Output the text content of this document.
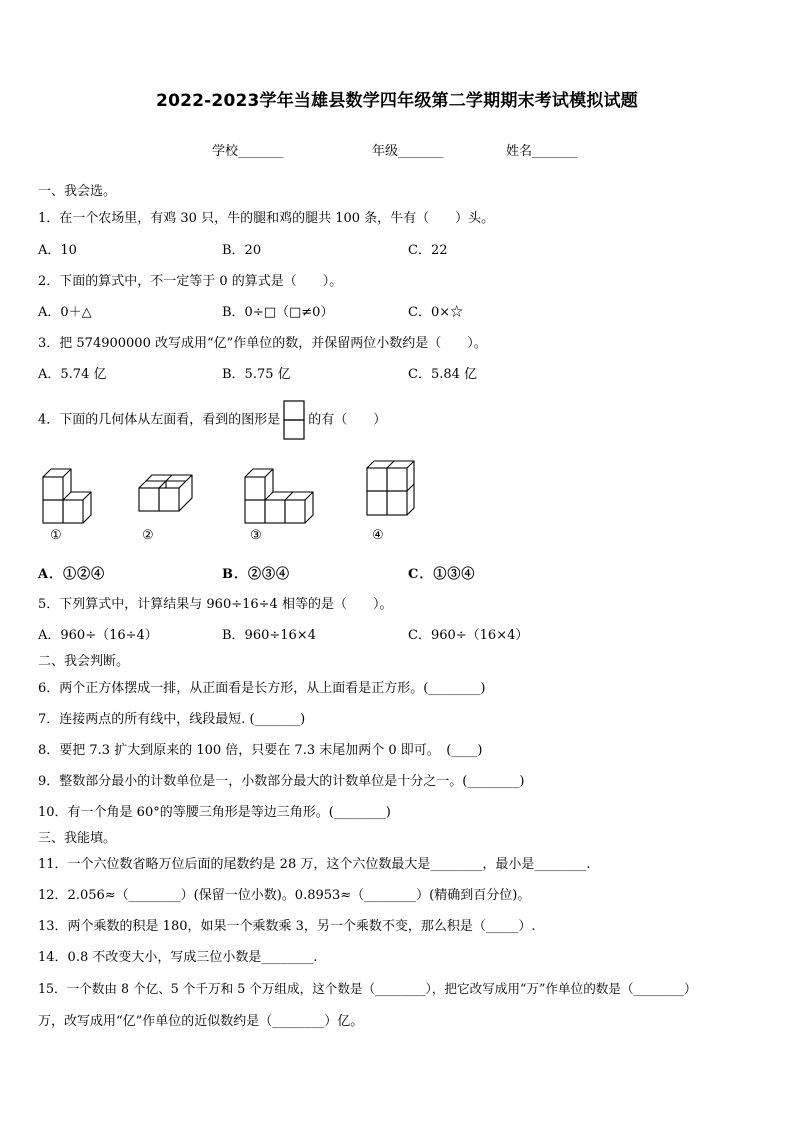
2022-2023学年当雄县数学四年级第二学期期末考试模拟试题
学校_______	年级_______	姓名_______
一、我会选。
1．在一个农场里，有鸡 30 只，牛的腿和鸡的腿共 100 条，牛有（　　）头。
A．10	B．20	C．22
2．下面的算式中，不一定等于 0 的算式是（　　）。
A．0＋△	B．0÷□（□≠0）	C．0×☆
3．把 574900000 改写成用“亿”作单位的数，并保留两位小数约是（　　）。
A．5.74 亿	B．5.75 亿	C．5.84 亿
4．下面的几何体从左面看，看到的图形是 的有（　　）
①	②	③	④
A．①②④	B．②③④	C．①③④
5．下列算式中，计算结果与 960÷16÷4 相等的是（　　）。
A．960÷（16÷4）	B．960÷16×4	C．960÷（16×4）
二、我会判断。
6．两个正方体摆成一排，从正面看是长方形，从上面看是正方形。(________)
7．连接两点的所有线中，线段最短. (_______)
8．要把 7.3 扩大到原来的 100 倍，只要在 7.3 末尾加两个 0 即可。　(____)
9．整数部分最小的计数单位是一，小数部分最大的计数单位是十分之一。(________)
10．有一个角是 60°的等腰三角形是等边三角形。(________)
三、我能填。
11．一个六位数省略万位后面的尾数约是 28 万，这个六位数最大是________，最小是________.
12．2.056≈（________）(保留一位小数)。0.8953≈（________）(精确到百分位)。
13．两个乘数的积是 180，如果一个乘数乘 3，另一个乘数不变，那么积是（_____）.
14．0.8 不改变大小，写成三位小数是________.
15．一个数由 8 个亿、5 个千万和 5 个万组成，这个数是（________），把它改写成用“万”作单位的数是（________）
万，改写成用“亿”作单位的近似数约是（________）亿。
